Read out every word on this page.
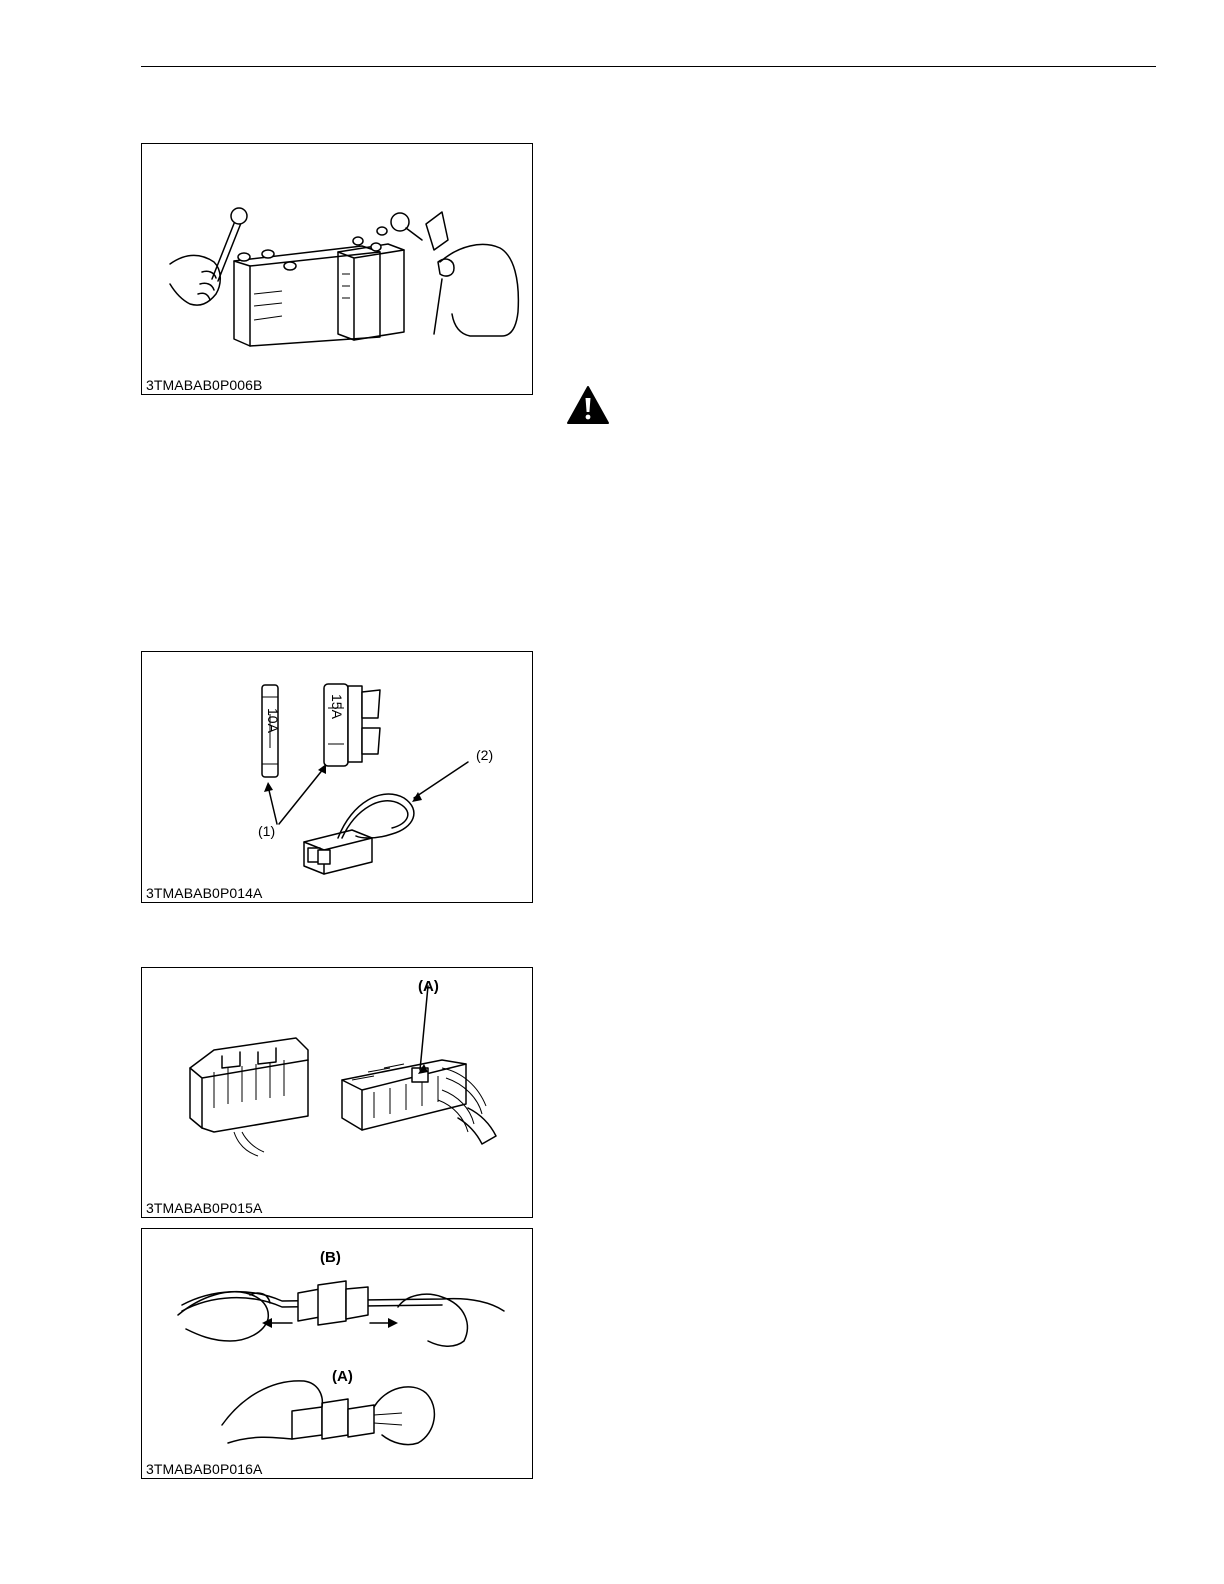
3TMABAB0P006B
10A
15A
(1)
(2)
3TMABAB0P014A
(A)
3TMABAB0P015A
(B)
(A)
3TMABAB0P016A
